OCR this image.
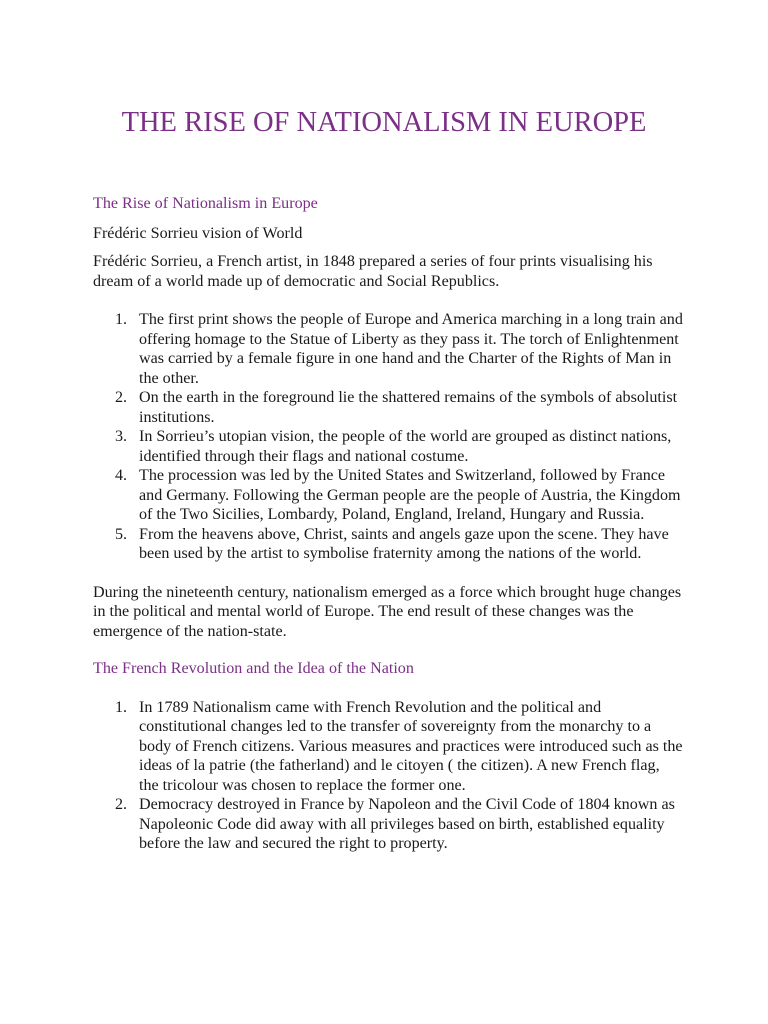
THE RISE OF NATIONALISM IN EUROPE
The Rise of Nationalism in Europe

Frédéric Sorrieu vision of World

Frédéric Sorrieu, a French artist, in 1848 prepared a series of four prints visualising his dream of a world made up of democratic and Social Republics.

1. The first print shows the people of Europe and America marching in a long train and offering homage to the Statue of Liberty as they pass it. The torch of Enlightenment was carried by a female figure in one hand and the Charter of the Rights of Man in the other.
2. On the earth in the foreground lie the shattered remains of the symbols of absolutist institutions.
3. In Sorrieu’s utopian vision, the people of the world are grouped as distinct nations, identified through their flags and national costume.
4. The procession was led by the United States and Switzerland, followed by France and Germany. Following the German people are the people of Austria, the Kingdom of the Two Sicilies, Lombardy, Poland, England, Ireland, Hungary and Russia.
5. From the heavens above, Christ, saints and angels gaze upon the scene. They have been used by the artist to symbolise fraternity among the nations of the world.

During the nineteenth century, nationalism emerged as a force which brought huge changes in the political and mental world of Europe. The end result of these changes was the emergence of the nation-state.

The French Revolution and the Idea of the Nation
1. In 1789 Nationalism came with French Revolution and the political and constitutional changes led to the transfer of sovereignty from the monarchy to a body of French citizens. Various measures and practices were introduced such as the ideas of la patrie (the fatherland) and le citoyen ( the citizen). A new French flag, the tricolour was chosen to replace the former one.
2. Democracy destroyed in France by Napoleon and the Civil Code of 1804 known as Napoleonic Code did away with all privileges based on birth, established equality before the law and secured the right to property.
